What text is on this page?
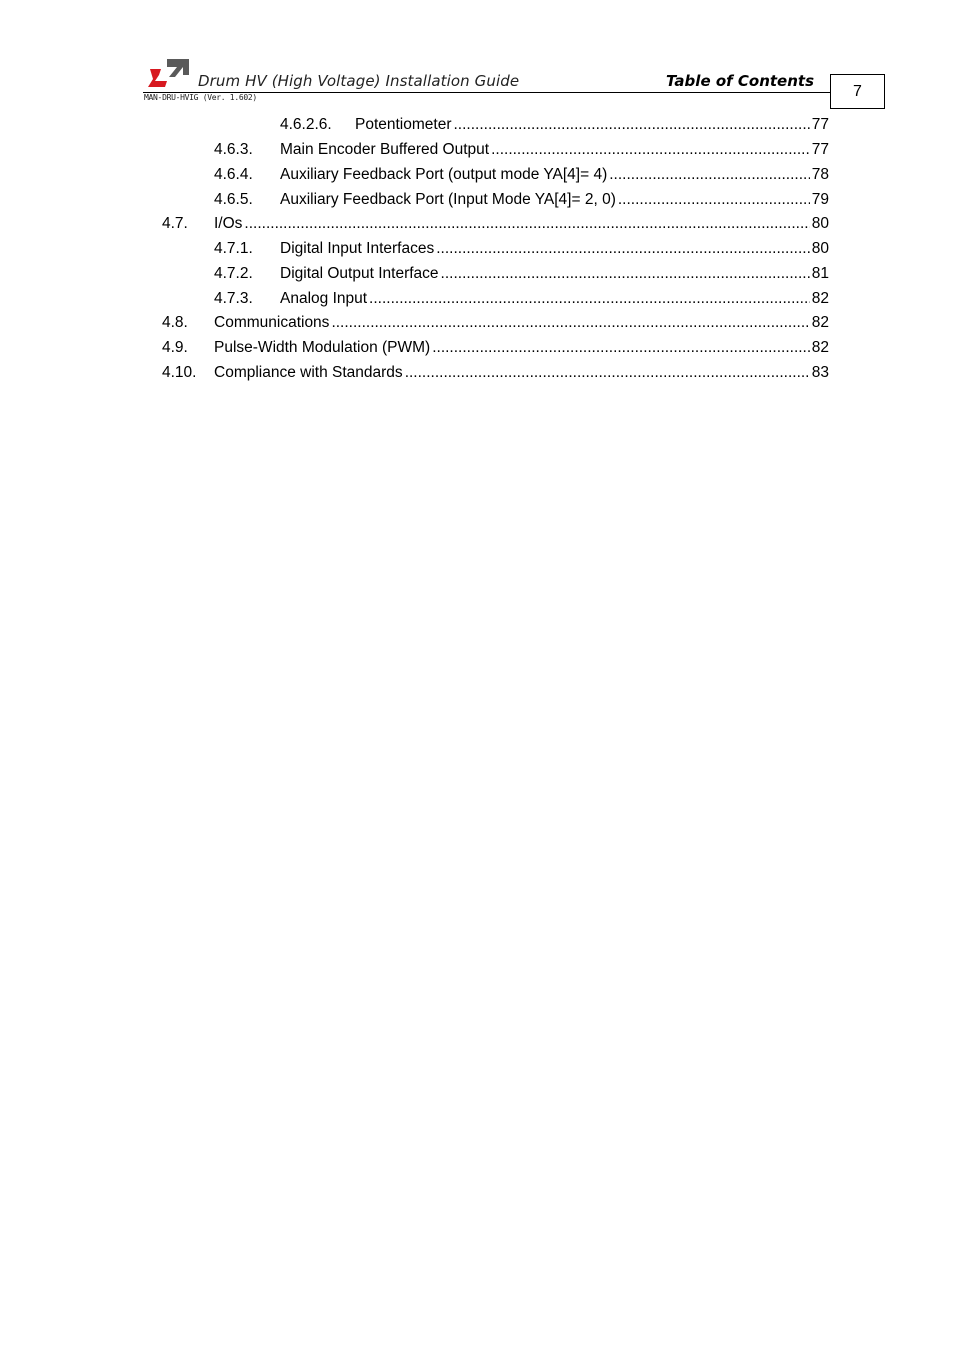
Drum HV (High Voltage) Installation Guide	Table of Contents
MAN-DRU-HVIG (Ver. 1.602)	7
4.6.2.6.	Potentiometer .....	77
4.6.3.	Main Encoder Buffered Output .....	77
4.6.4.	Auxiliary Feedback Port (output mode YA[4]= 4) .....	78
4.6.5.	Auxiliary Feedback Port (Input Mode YA[4]= 2, 0) .....	79
4.7.	I/Os .....	80
4.7.1.	Digital Input Interfaces .....	80
4.7.2.	Digital Output Interface .....	81
4.7.3.	Analog Input .....	82
4.8.	Communications .....	82
4.9.	Pulse-Width Modulation (PWM) .....	82
4.10.	Compliance with Standards .....	83
